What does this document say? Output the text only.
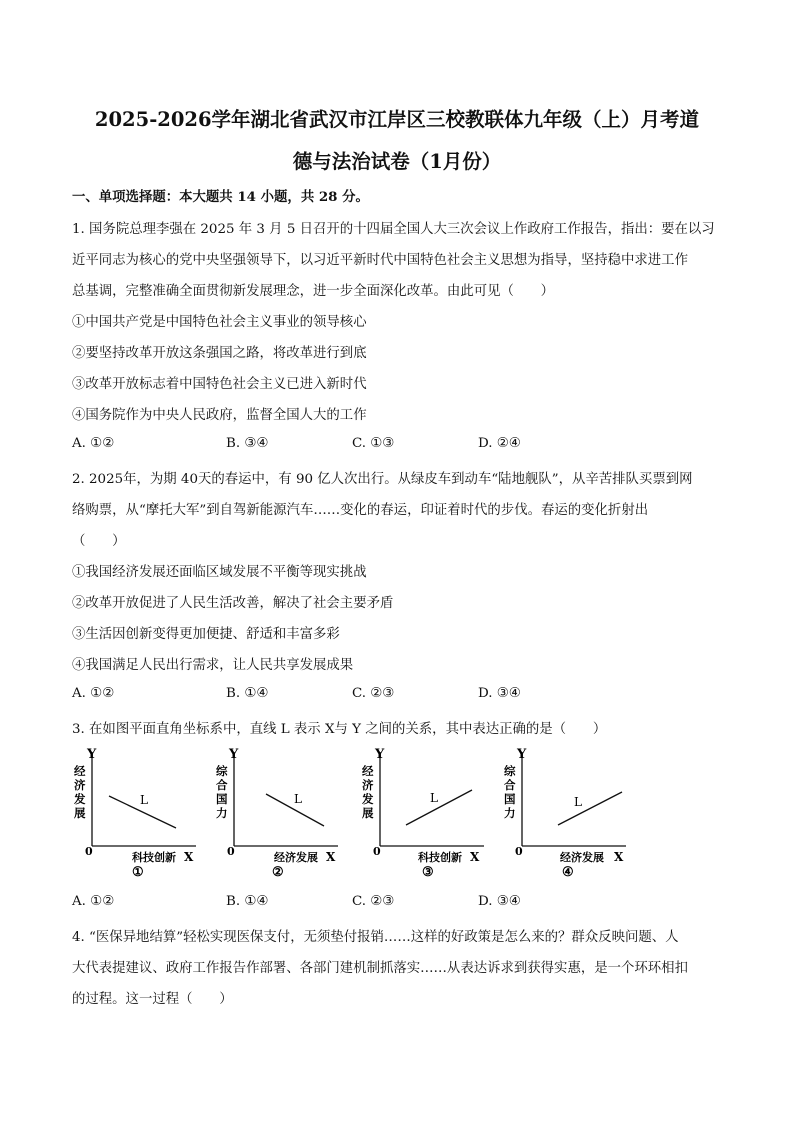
2025-2026学年湖北省武汉市江岸区三校教联体九年级（上）月考道
德与法治试卷（1月份）
一、单项选择题：本大题共 14 小题，共 28 分。
1. 国务院总理李强在 2025 年 3 月 5 日召开的十四届全国人大三次会议上作政府工作报告，指出：要在以习
近平同志为核心的党中央坚强领导下，以习近平新时代中国特色社会主义思想为指导，坚持稳中求进工作
总基调，完整准确全面贯彻新发展理念，进一步全面深化改革。由此可见（　　）
①中国共产党是中国特色社会主义事业的领导核心
②要坚持改革开放这条强国之路，将改革进行到底
③改革开放标志着中国特色社会主义已进入新时代
④国务院作为中央人民政府，监督全国人大的工作
A. ①②	B. ③④	C. ①③	D. ②④
2. 2025年，为期 40天的春运中，有 90 亿人次出行。从绿皮车到动车“陆地舰队”，从辛苦排队买票到网
络购票，从“摩托大军”到自驾新能源汽车……变化的春运，印证着时代的步伐。春运的变化折射出
（　　）
①我国经济发展还面临区域发展不平衡等现实挑战
②改革开放促进了人民生活改善，解决了社会主要矛盾
③生活因创新变得更加便捷、舒适和丰富多彩
④我国满足人民出行需求，让人民共享发展成果
A. ①②	B. ①④	C. ②③	D. ③④
3. 在如图平面直角坐标系中，直线 L 表示 X与 Y 之间的关系，其中表达正确的是（　　）
Y
经
济
发
展
L
0	科技创新 X
①
Y
综
合
国
力
L
0	经济发展 X
②
Y
经
济
发
展
L
0	科技创新 X
③
Y
综
合
国
力
L
0	经济发展 X
④
A. ①②	B. ①④	C. ②③	D. ③④
4. “医保异地结算”轻松实现医保支付，无须垫付报销……这样的好政策是怎么来的？群众反映问题、人
大代表提建议、政府工作报告作部署、各部门建机制抓落实……从表达诉求到获得实惠，是一个环环相扣
的过程。这一过程（　　）
